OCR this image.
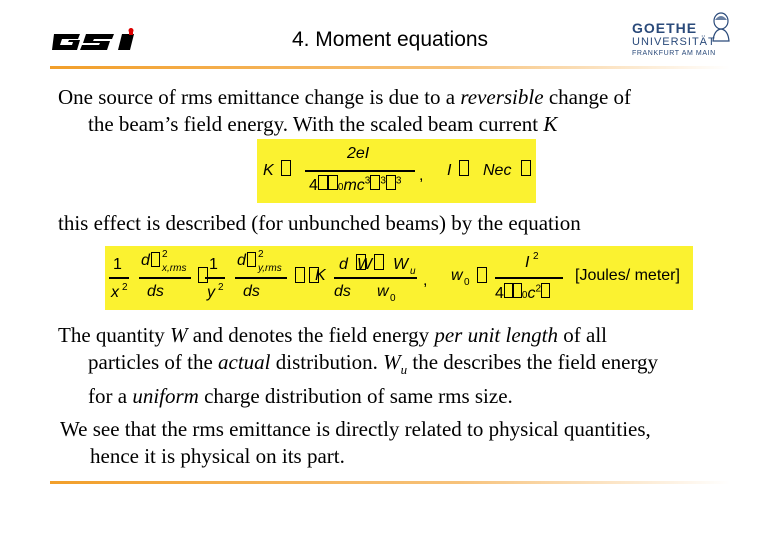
4. Moment equations	GOETHE
UNIVERSITÄT
FRANKFURT AM MAIN
One source of rms emittance change is due to a reversible change of
the beam’s field energy. With the scaled beam current K
K
2eI
4 $0mc^3$ $^3$ $^3$ , I Nec
this effect is described (for unbunched beams) by the equation
1
x 2
d 2
x,rms
ds
1
y 2
d 2
y,rms
ds
K
d
ds
W W u
w 0
, w 0
I 2
4 $0c^2$
[Joules/ meter]
The quantity W and denotes the field energy per unit length of all
particles of the actual distribution. $W_u$ the describes the field energy
for a uniform charge distribution of same rms size.
We see that the rms emittance is directly related to physical quantities,
hence it is physical on its part.
